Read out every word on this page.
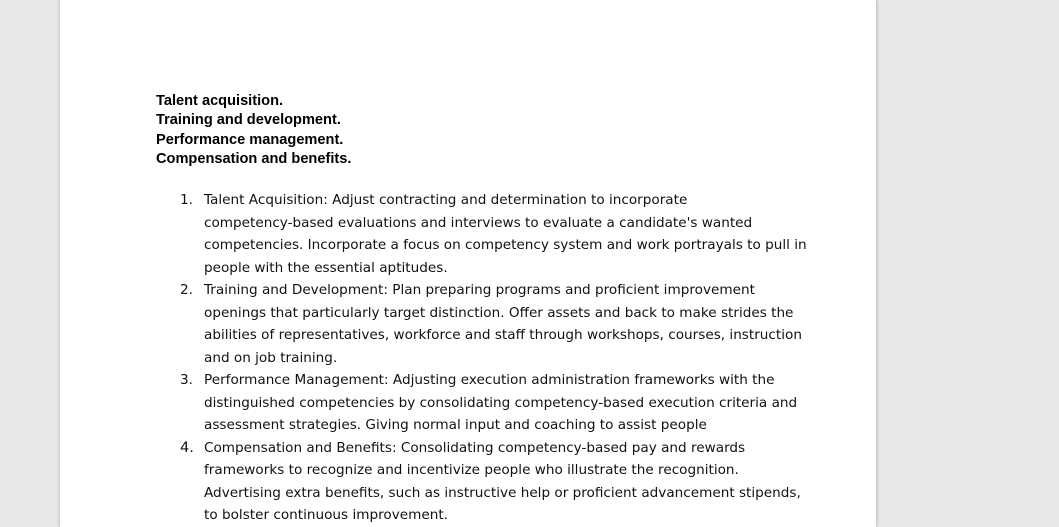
Talent acquisition.
Training and development.
Performance management.
Compensation and benefits.
1. Talent Acquisition: Adjust contracting and determination to incorporate
competency-based evaluations and interviews to evaluate a candidate's wanted
competencies. Incorporate a focus on competency system and work portrayals to pull in
people with the essential aptitudes.
2. Training and Development: Plan preparing programs and proficient improvement
openings that particularly target distinction. Offer assets and back to make strides the
abilities of representatives, workforce and staff through workshops, courses, instruction
and on job training.
3. Performance Management: Adjusting execution administration frameworks with the
distinguished competencies by consolidating competency-based execution criteria and
assessment strategies. Giving normal input and coaching to assist people
4. Compensation and Benefits: Consolidating competency-based pay and rewards
frameworks to recognize and incentivize people who illustrate the recognition.
Advertising extra benefits, such as instructive help or proficient advancement stipends,
to bolster continuous improvement.
